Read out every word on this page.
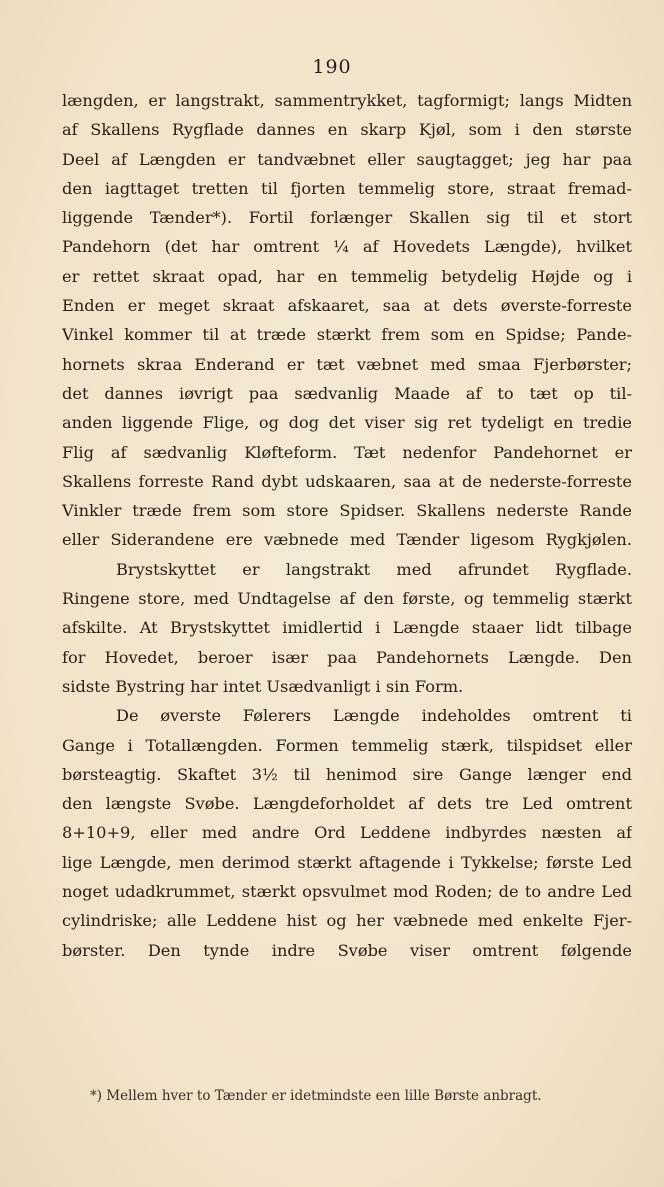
190
længden, er langstrakt, sammentrykket, tagformigt; langs Midten
af Skallens Rygflade dannes en skarp Kjøl, som i den største
Deel af Længden er tandvæbnet eller saugtagget; jeg har paa
den iagttaget tretten til fjorten temmelig store, straat fremad-
liggende Tænder*). Fortil forlænger Skallen sig til et stort
Pandehorn (det har omtrent ¼ af Hovedets Længde), hvilket
er rettet skraat opad, har en temmelig betydelig Højde og i
Enden er meget skraat afskaaret, saa at dets øverste-forreste
Vinkel kommer til at træde stærkt frem som en Spidse; Pande-
hornets skraa Enderand er tæt væbnet med smaa Fjerbørster;
det dannes iøvrigt paa sædvanlig Maade af to tæt op til-
anden liggende Flige, og dog det viser sig ret tydeligt en tredie
Flig af sædvanlig Kløfteform. Tæt nedenfor Pandehornet er
Skallens forreste Rand dybt udskaaren, saa at de nederste-forreste
Vinkler træde frem som store Spidser. Skallens nederste Rande
eller Siderandene ere væbnede med Tænder ligesom Rygkjølen.
Brystskyttet er langstrakt med afrundet Rygflade.
Ringene store, med Undtagelse af den første, og temmelig stærkt
afskilte. At Brystskyttet imidlertid i Længde staaer lidt tilbage
for Hovedet, beroer især paa Pandehornets Længde. Den
sidste Bystring har intet Usædvanligt i sin Form.
De øverste Følerers Længde indeholdes omtrent ti
Gange i Totallængden. Formen temmelig stærk, tilspidset eller
børsteagtig. Skaftet 3½ til henimod sire Gange længer end
den længste Svøbe. Længdeforholdet af dets tre Led omtrent
8+10+9, eller med andre Ord Leddene indbyrdes næsten af
lige Længde, men derimod stærkt aftagende i Tykkelse; første Led
noget udadkrummet, stærkt opsvulmet mod Roden; de to andre Led
cylindriske; alle Leddene hist og her væbnede med enkelte Fjer-
børster. Den tynde indre Svøbe viser omtrent følgende
*) Mellem hver to Tænder er idetmindste een lille Børste anbragt.
